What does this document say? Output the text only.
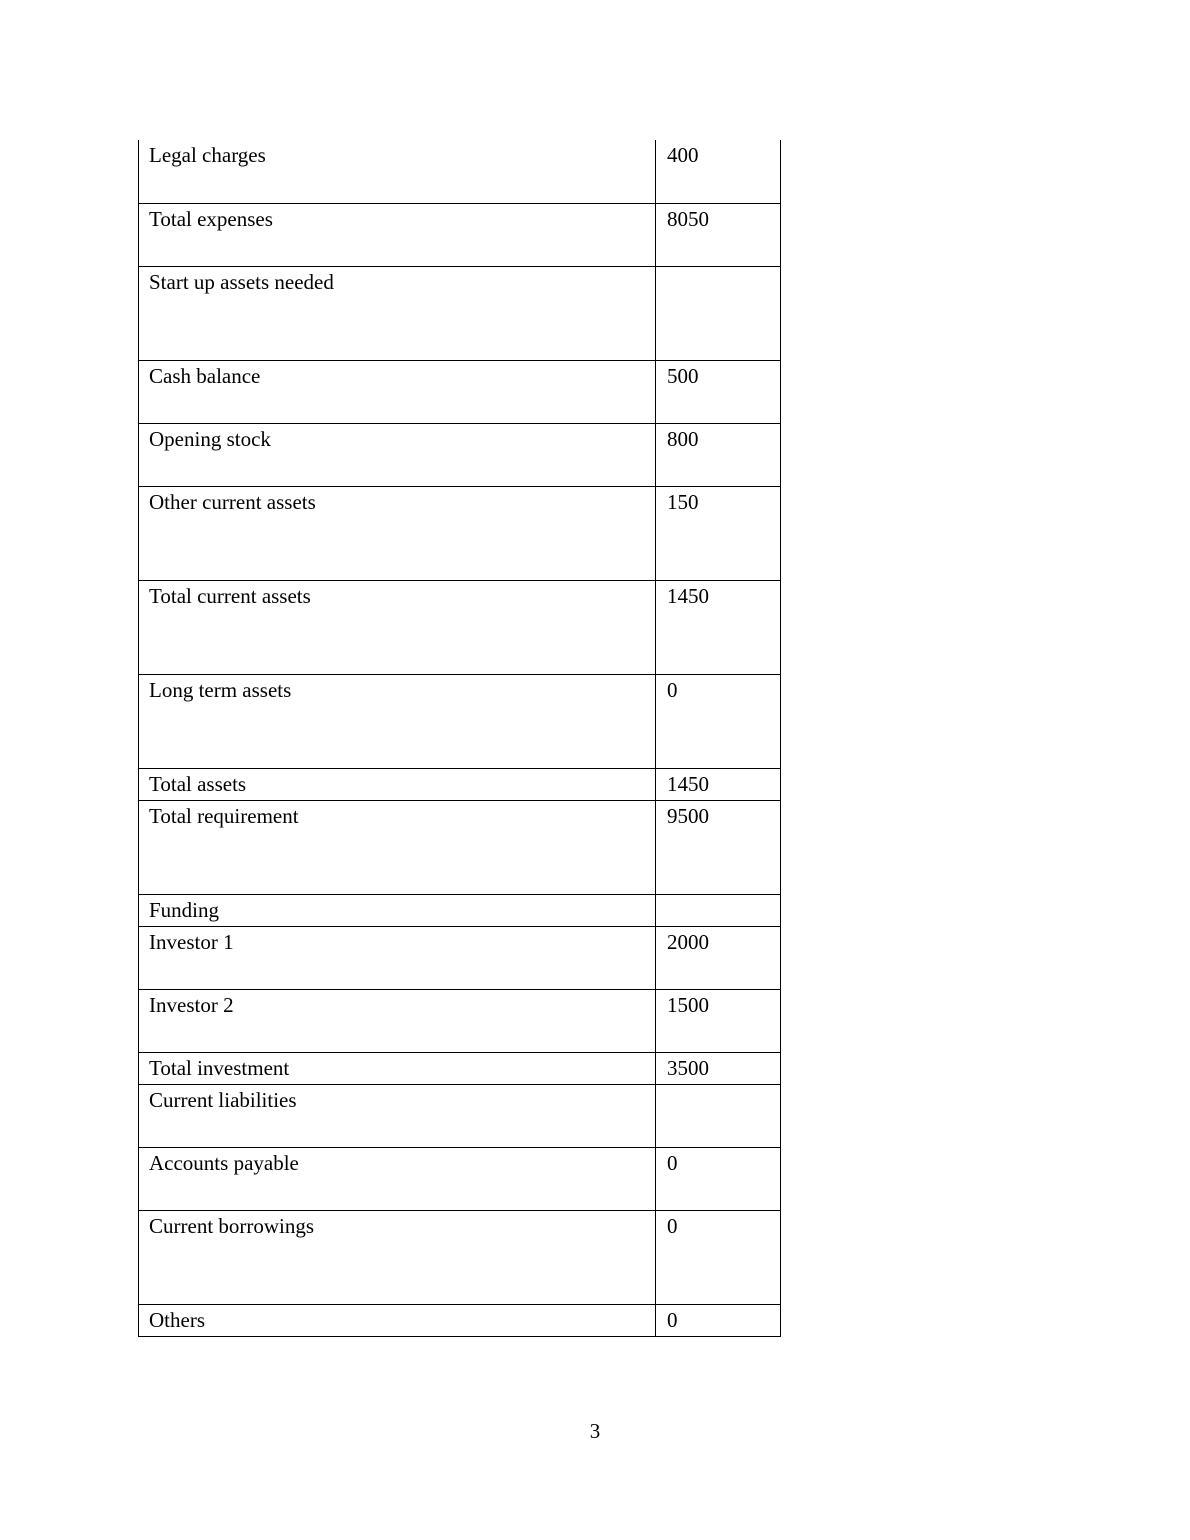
Legal charges	400
Total expenses	8050
Start up assets needed	
Cash balance	500
Opening stock	800
Other current assets	150
Total current assets	1450
Long term assets	0
Total assets	1450
Total requirement	9500
Funding	
Investor 1	2000
Investor 2	1500
Total investment	3500
Current liabilities	
Accounts payable	0
Current borrowings	0
Others	0
3
